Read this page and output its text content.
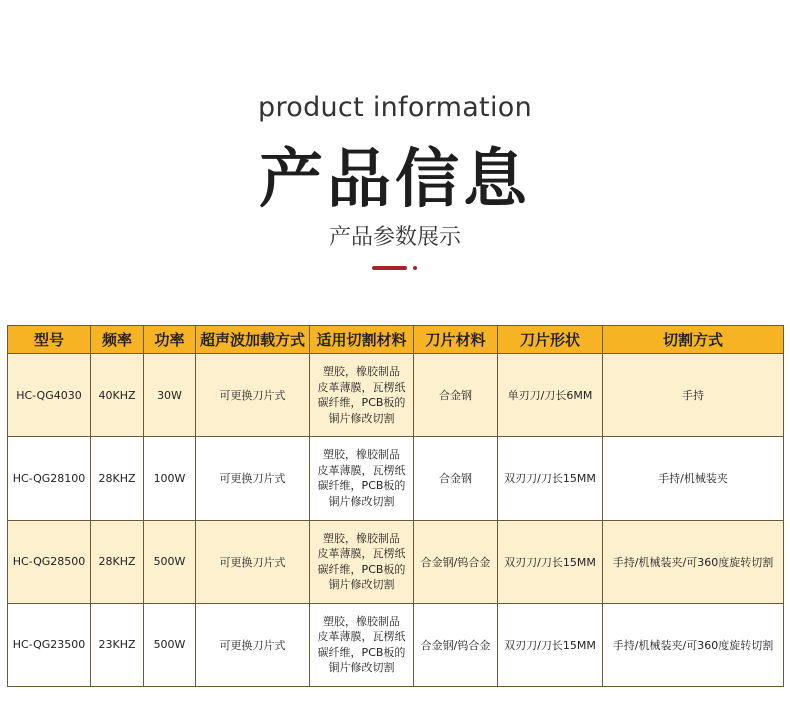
product information
产品信息
产品参数展示
型号	频率	功率	超声波加载方式	适用切割材料	刀片材料	刀片形状	切割方式
HC-QG4030	40KHZ	30W	可更换刀片式	塑胶，橡胶制品
皮革薄膜，瓦楞纸
碳纤维，PCB板的
铜片修改切割	合金钢	单刃刀/刀长6MM	手持
HC-QG28100	28KHZ	100W	可更换刀片式	塑胶，橡胶制品
皮革薄膜，瓦楞纸
碳纤维，PCB板的
铜片修改切割	合金钢	双刃刀/刀长15MM	手持/机械装夹
HC-QG28500	28KHZ	500W	可更换刀片式	塑胶，橡胶制品
皮革薄膜，瓦楞纸
碳纤维，PCB板的
铜片修改切割	合金钢/钨合金	双刃刀/刀长15MM	手持/机械装夹/可360度旋转切割
HC-QG23500	23KHZ	500W	可更换刀片式	塑胶，橡胶制品
皮革薄膜，瓦楞纸
碳纤维，PCB板的
铜片修改切割	合金钢/钨合金	双刃刀/刀长15MM	手持/机械装夹/可360度旋转切割
